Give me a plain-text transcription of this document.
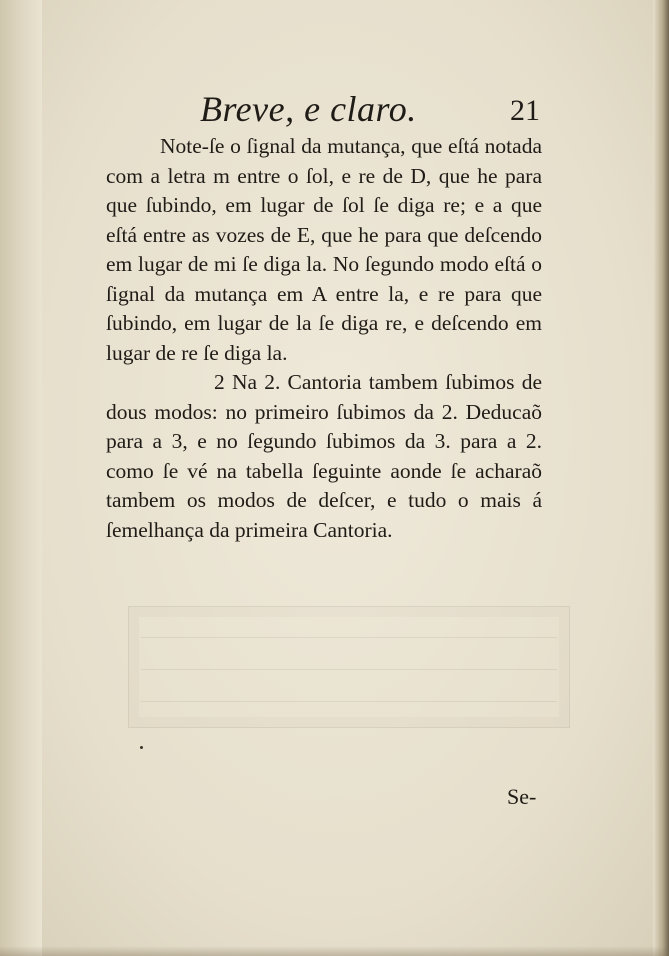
Breve, e claro.	21

Note-ſe o ſignal da mutança, que eſtá notada com a letra m entre o ſol, e re de D, que he para que ſubindo, em lugar de ſol ſe diga re; e a que eſtá entre as vozes de E, que he para que deſcendo em lugar de mi ſe diga la. No ſegundo modo eſtá o ſignal da mutança em A entre la, e re para que ſubindo, em lugar de la ſe diga re, e deſcendo em lugar de re ſe diga la.

2 Na 2. Cantoria tambem ſubimos de dous modos: no primeiro ſubimos da 2. Deducaõ para a 3, e no ſegundo ſubimos da 3. para a 2. como ſe vé na tabella ſeguinte aonde ſe acharaõ tambem os modos de deſcer, e tudo o mais á ſemelhança da primeira Cantoria.

Se-
